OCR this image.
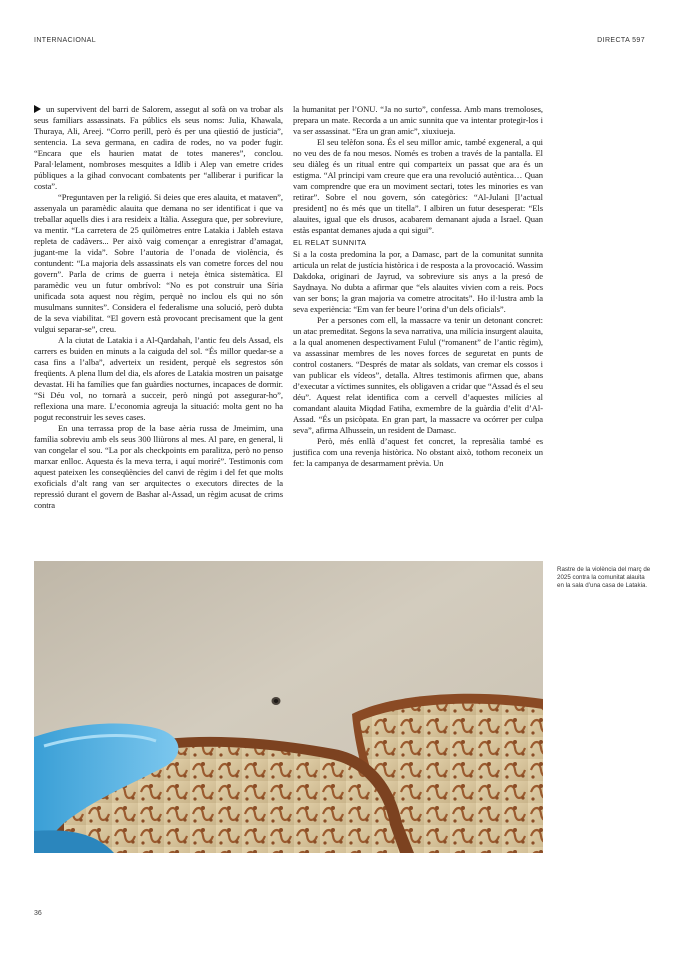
INTERNACIONAL	DIRECTA 597

un supervivent del barri de Salorem, assegut al sofà on va trobar als seus familiars assassinats. Fa públics els seus noms: Julia, Khawala, Thuraya, Ali, Areej. “Corro perill, però és per una qüestió de justícia”, sentencia. La seva germana, en cadira de rodes, no va poder fugir. “Encara que els haurien matat de totes maneres”, conclou. Paral·lelament, nombroses mesquites a Idlib i Alep van emetre crides públiques a la gihad convocant combatents per “alliberar i purificar la costa”.

“Preguntaven per la religió. Si deies que eres alauita, et mataven”, assenyala un paramèdic alauita que demana no ser identificat i que va treballar aquells dies i ara resideix a Itàlia. Assegura que, per sobreviure, va mentir. “La carretera de 25 quilòmetres entre Latakia i Jableh estava repleta de cadàvers... Per això vaig començar a enregistrar d’amagat, jugant-me la vida”. Sobre l’autoria de l’onada de violència, és contundent: “La majoria dels assassinats els van cometre forces del nou govern”. Parla de crims de guerra i neteja ètnica sistemàtica. El paramèdic veu un futur ombrívol: “No es pot construir una Síria unificada sota aquest nou règim, perquè no inclou els qui no són musulmans sunnites”. Considera el federalisme una solució, però dubta de la seva viabilitat. “El govern està provocant precisament que la gent vulgui separar-se”, creu.

A la ciutat de Latakia i a Al-Qardahah, l’antic feu dels Assad, els carrers es buiden en minuts a la caiguda del sol. “És millor quedar-se a casa fins a l’alba”, adverteix un resident, perquè els segrestos són freqüents. A plena llum del dia, els afores de Latakia mostren un paisatge devastat. Hi ha famílies que fan guàrdies nocturnes, incapaces de dormir. “Si Déu vol, no tornarà a succeir, però ningú pot assegurar-ho”, reflexiona una mare. L’economia agreuja la situació: molta gent no ha pogut reconstruir les seves cases.

En una terrassa prop de la base aèria russa de Jmeimim, una família sobreviu amb els seus 300 lliùrons al mes. Al pare, en general, li van congelar el sou. “La por als checkpoints em paralitza, però no penso marxar enlloc. Aquesta és la meva terra, i aquí moriré”. Testimonis com aquest pateixen les conseqüències del canvi de règim i del fet que molts exoficials d’alt rang van ser arquitectes o executors directes de la repressió durant el govern de Bashar al-Assad, un règim acusat de crims contra

la humanitat per l’ONU. “Ja no surto”, confessa. Amb mans tremoloses, prepara un mate. Recorda a un amic sunnita que va intentar protegir-los i va ser assassinat. “Era un gran amic”, xiuxiueja.

El seu telèfon sona. És el seu millor amic, també exgeneral, a qui no veu des de fa nou mesos. Només es troben a través de la pantalla. El seu diàleg és un ritual entre qui comparteix un passat que ara és un estigma. “Al principi vam creure que era una revolució autèntica… Quan vam comprendre que era un moviment sectari, totes les minories es van retirar”. Sobre el nou govern, són categòrics: “Al-Julani [l’actual president] no és més que un titella”. I albiren un futur desesperat: “Els alauites, igual que els drusos, acabarem demanant ajuda a Israel. Quan estàs espantat demanes ajuda a qui sigui”.

EL RELAT SUNNITA

Si a la costa predomina la por, a Damasc, part de la comunitat sunnita articula un relat de justícia històrica i de resposta a la provocació. Wassim Dakdoka, originari de Jayrud, va sobreviure sis anys a la presó de Saydnaya. No dubta a afirmar que “els alauites vivien com a reis. Pocs van ser bons; la gran majoria va cometre atrocitats”. Ho il·lustra amb la seva experiència: “Em van fer beure l’orina d’un dels oficials”.

Per a persones com ell, la massacre va tenir un detonant concret: un atac premeditat. Segons la seva narrativa, una milícia insurgent alauita, a la qual anomenen despectivament Fulul (“romanent” de l’antic règim), va assassinar membres de les noves forces de seguretat en punts de control costaners. “Després de matar als soldats, van cremar els cossos i van publicar els vídeos”, detalla. Altres testimonis afirmen que, abans d’executar a víctimes sunnites, els obligaven a cridar que “Assad és el seu déu”. Aquest relat identifica com a cervell d’aquestes milícies al comandant alauita Miqdad Fatiha, exmembre de la guàrdia d’elit d’Al-Assad. “És un psicòpata. En gran part, la massacre va ocórrer per culpa seva”, afirma Alhussein, un resident de Damasc.

Però, més enllà d’aquest fet concret, la represàlia també es justifica com una revenja històrica. No obstant això, tothom reconeix un fet: la campanya de desarmament prèvia. Un

Rastre de la violència del març de 2025 contra la comunitat alauita en la sala d’una casa de Latakia.
36
